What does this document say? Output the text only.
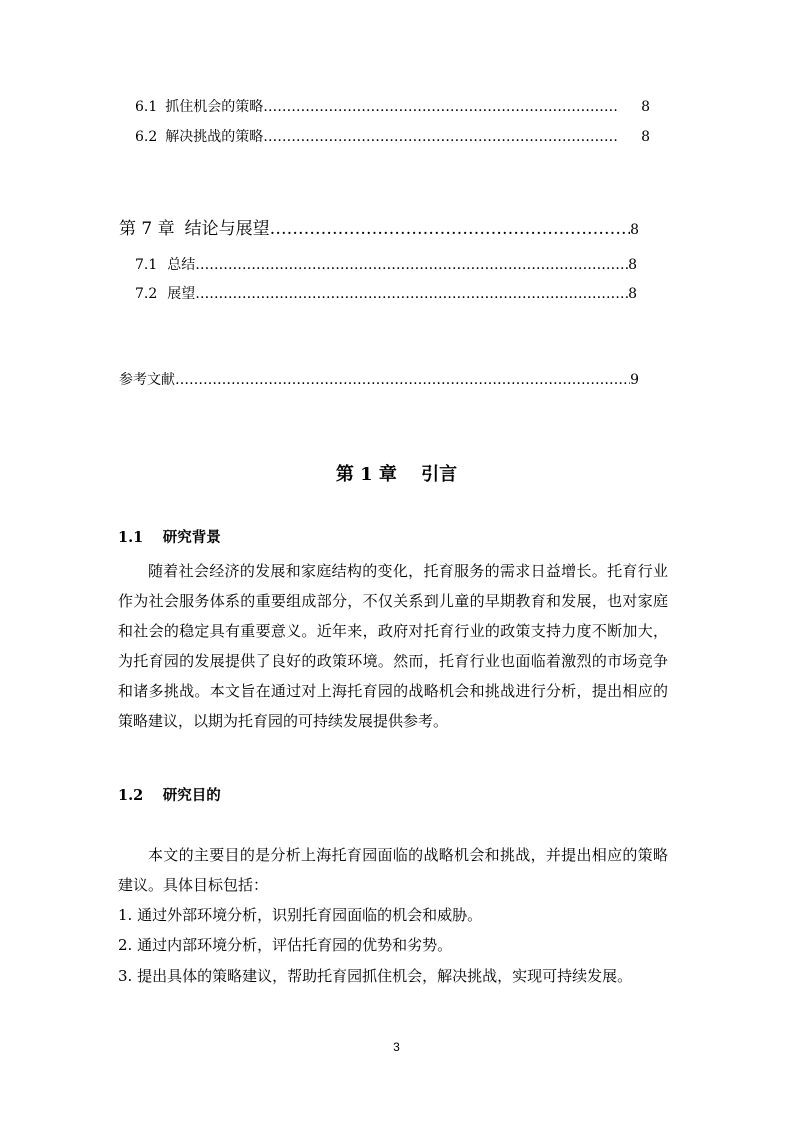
6.1 抓住机会的策略 ………………………………………………………………………………………………………………………………………………………………………………	8
6.2 解决挑战的策略 ………………………………………………………………………………………………………………………………………………………………………………	8
第 7 章 结论与展望 ………………………………………………………………………………………………………………………………………………………………………………	8
7.1 总结 ………………………………………………………………………………………………………………………………………………………………………………	8
7.2 展望 ………………………………………………………………………………………………………………………………………………………………………………	8
参考文献 ………………………………………………………………………………………………………………………………………………………………………………	9
第 1 章　 引言
1.1　 研究背景
随着社会经济的发展和家庭结构的变化，托育服务的需求日益增长。托育行业作为社会服务体系的重要组成部分，不仅关系到儿童的早期教育和发展，也对家庭和社会的稳定具有重要意义。近年来，政府对托育行业的政策支持力度不断加大，为托育园的发展提供了良好的政策环境。然而，托育行业也面临着激烈的市场竞争和诸多挑战。本文旨在通过对上海托育园的战略机会和挑战进行分析，提出相应的策略建议，以期为托育园的可持续发展提供参考。
1.2　 研究目的
本文的主要目的是分析上海托育园面临的战略机会和挑战，并提出相应的策略建议。具体目标包括：
1. 通过外部环境分析，识别托育园面临的机会和威胁。
2. 通过内部环境分析，评估托育园的优势和劣势。
3. 提出具体的策略建议，帮助托育园抓住机会，解决挑战，实现可持续发展。
3
